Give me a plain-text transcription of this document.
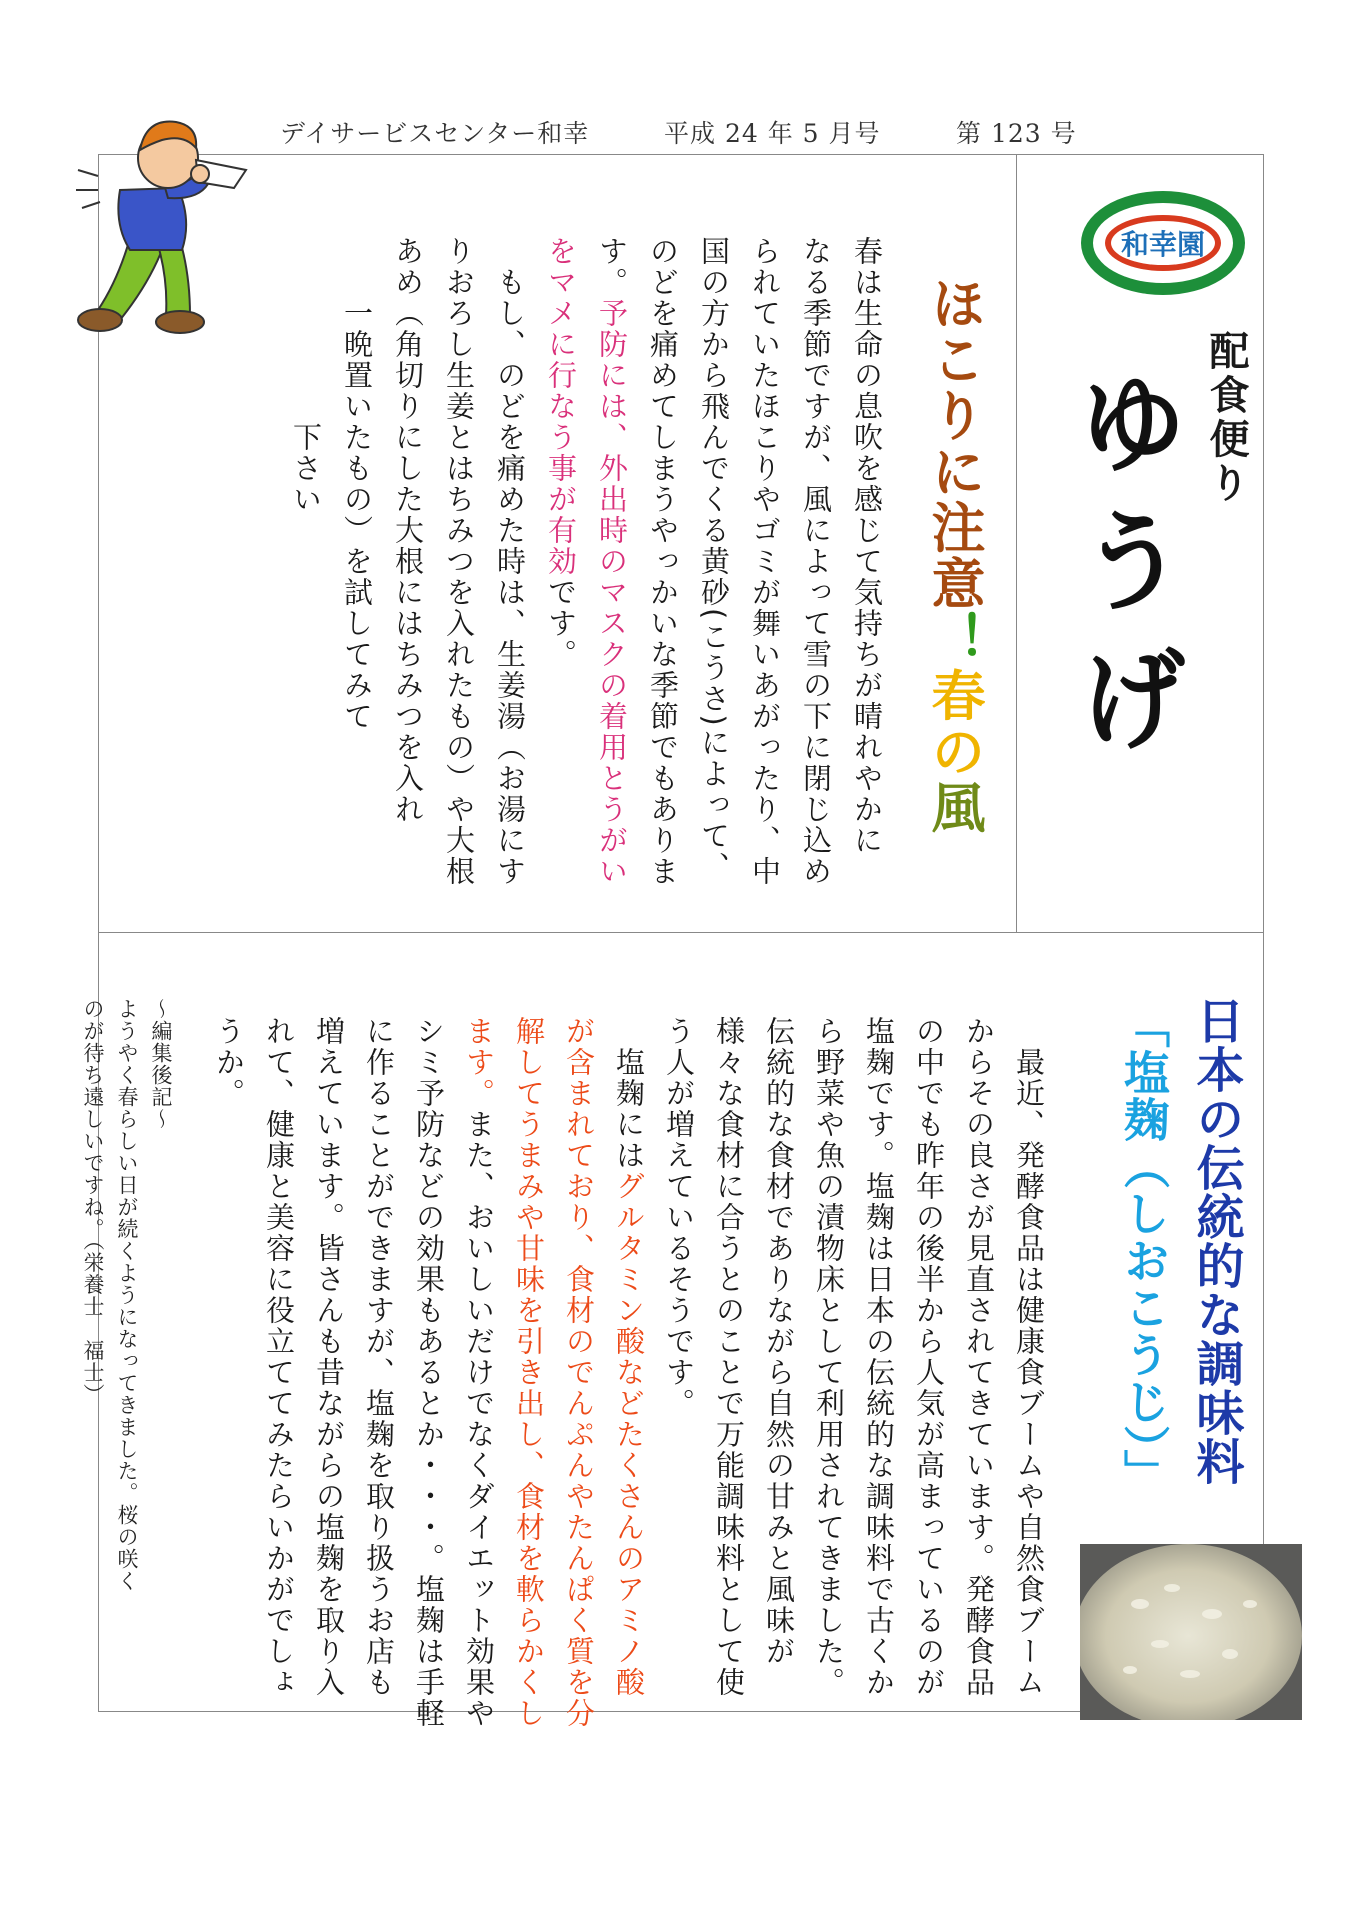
デイサービスセンター和幸	平成 24 年 5 月号	第 123 号
和幸園
配食便り
ゆうげ

ほこりに注意！春の風

春は生命の息吹を感じて気持ちが晴れやかに
なる季節ですが、風によって雪の下に閉じ込め
られていたほこりやゴミが舞いあがったり、中
国の方から飛んでくる黄砂(こうさ)によって、
のどを痛めてしまうやっかいな季節でもありま
す。予防には、外出時のマスクの着用とうがい
をマメに行なう事が有効です。
　もし、のどを痛めた時は、生姜湯（お湯にす
りおろし生姜とはちみつを入れたもの）や大根
あめ（角切りにした大根にはちみつを入れ
　　一晩置いたもの）を試してみて
　　　　　　下さい
日本の伝統的な調味料
「塩麹（しおこうじ）」
　最近、発酵食品は健康食ブームや自然食ブーム
からその良さが見直されてきています。発酵食品
の中でも昨年の後半から人気が高まっているのが
塩麹です。塩麹は日本の伝統的な調味料で古くか
ら野菜や魚の漬物床として利用されてきました。
伝統的な食材でありながら自然の甘みと風味が
様々な食材に合うとのことで万能調味料として使
う人が増えているそうです。
　塩麹にはグルタミン酸などたくさんのアミノ酸
が含まれており、食材のでんぷんやたんぱく質を分
解してうまみや甘味を引き出し、食材を軟らかくし
ます。また、おいしいだけでなくダイエット効果や
シミ予防などの効果もあるとか・・・。塩麹は手軽
に作ることができますが、塩麹を取り扱うお店も
増えています。皆さんも昔ながらの塩麹を取り入
れて、健康と美容に役立ててみたらいかがでしょ
うか。
～編集後記～
ようやく春らしい日が続くようになってきました。桜の咲く
のが待ち遠しいですね。（栄養士　福士）
